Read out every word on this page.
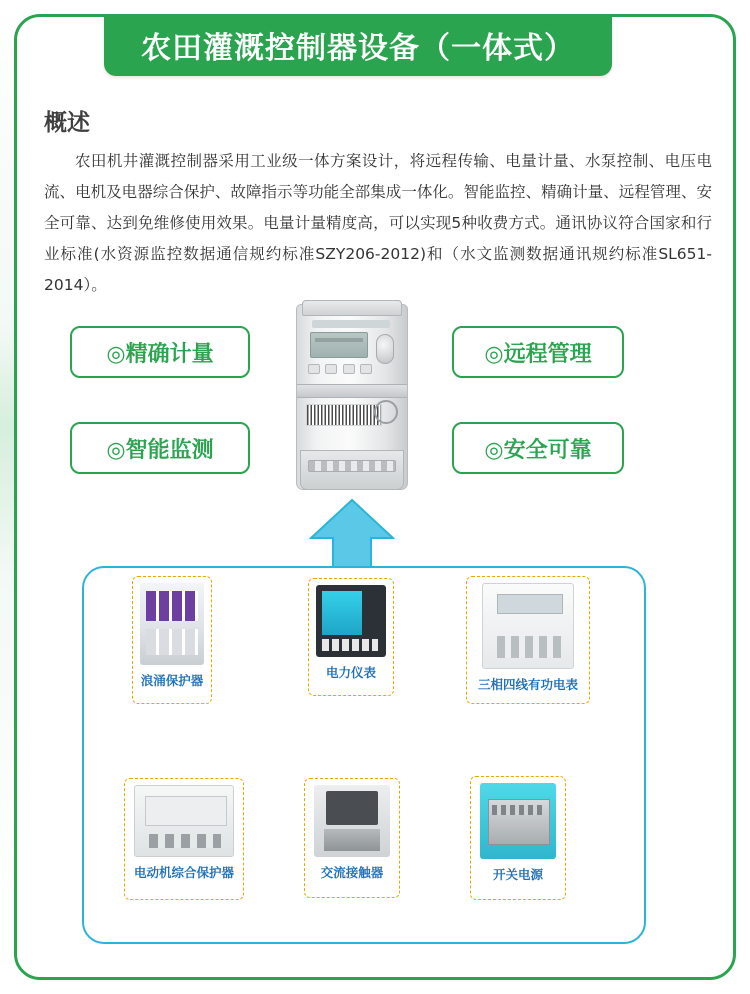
农田灌溉控制器设备（一体式）
概述
农田机井灌溉控制器采用工业级一体方案设计，将远程传输、电量计量、水泵控制、电压电流、电机及电器综合保护、故障指示等功能全部集成一体化。智能监控、精确计量、远程管理、安全可靠、达到免维修使用效果。电量计量精度高，可以实现5种收费方式。通讯协议符合国家和行业标准(水资源监控数据通信规约标准SZY206-2012)和（水文监测数据通讯规约标准SL651-2014）。
◎精确计量
◎智能监测
◎远程管理
◎安全可靠
浪涌保护器
电力仪表
三相四线有功电表
电动机综合保护器	交流接触器	开关电源
